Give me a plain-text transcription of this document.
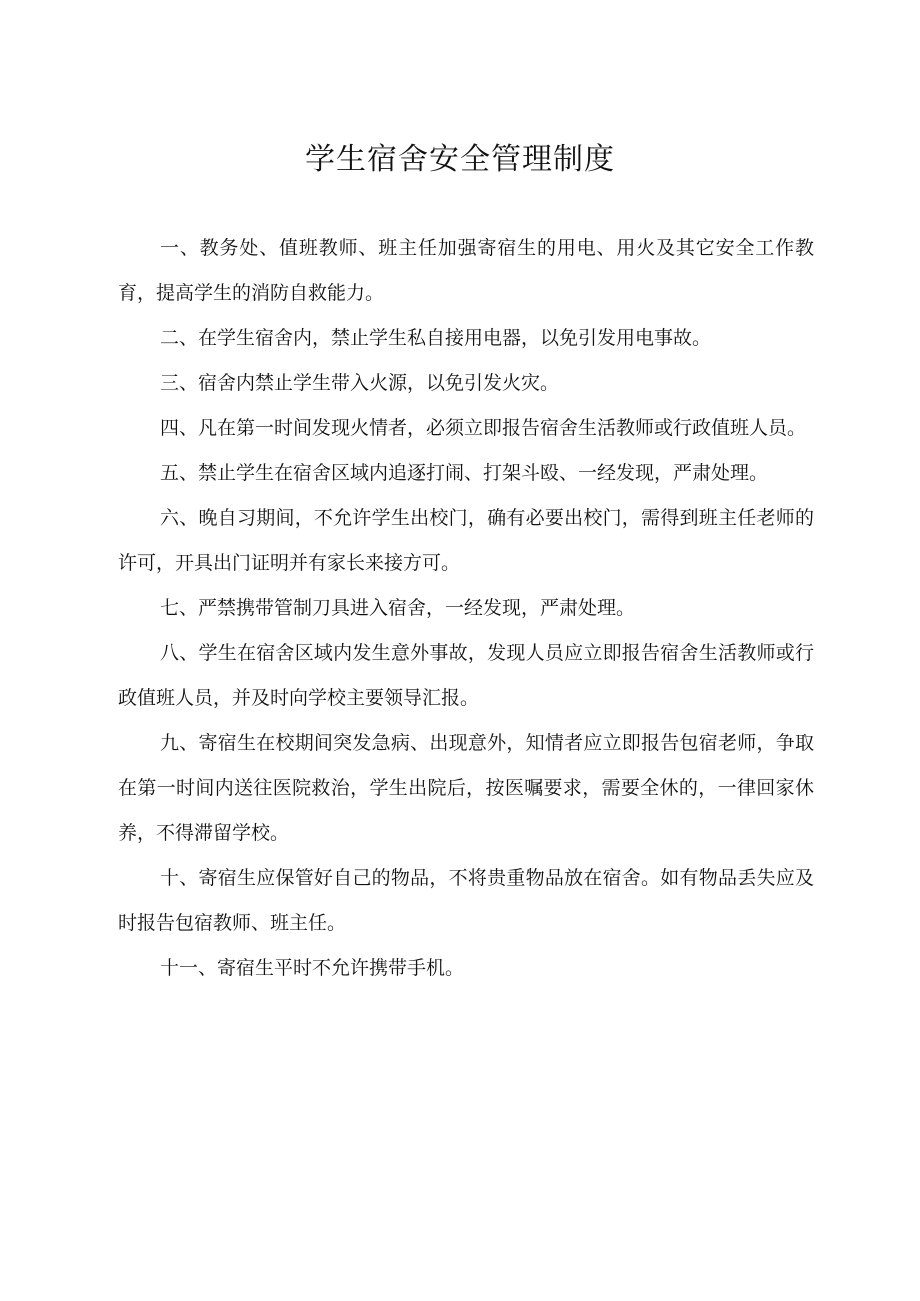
学生宿舍安全管理制度

一、教务处、值班教师、班主任加强寄宿生的用电、用火及其它安全工作教育，提高学生的消防自救能力。

二、在学生宿舍内，禁止学生私自接用电器，以免引发用电事故。

三、宿舍内禁止学生带入火源，以免引发火灾。

四、凡在第一时间发现火情者，必须立即报告宿舍生活教师或行政值班人员。

五、禁止学生在宿舍区域内追逐打闹、打架斗殴、一经发现，严肃处理。

六、晚自习期间，不允许学生出校门，确有必要出校门，需得到班主任老师的许可，开具出门证明并有家长来接方可。

七、严禁携带管制刀具进入宿舍，一经发现，严肃处理。

八、学生在宿舍区域内发生意外事故，发现人员应立即报告宿舍生活教师或行政值班人员，并及时向学校主要领导汇报。

九、寄宿生在校期间突发急病、出现意外，知情者应立即报告包宿老师，争取在第一时间内送往医院救治，学生出院后，按医嘱要求，需要全休的，一律回家休养，不得滞留学校。

十、寄宿生应保管好自己的物品，不将贵重物品放在宿舍。如有物品丢失应及时报告包宿教师、班主任。

十一、寄宿生平时不允许携带手机。
